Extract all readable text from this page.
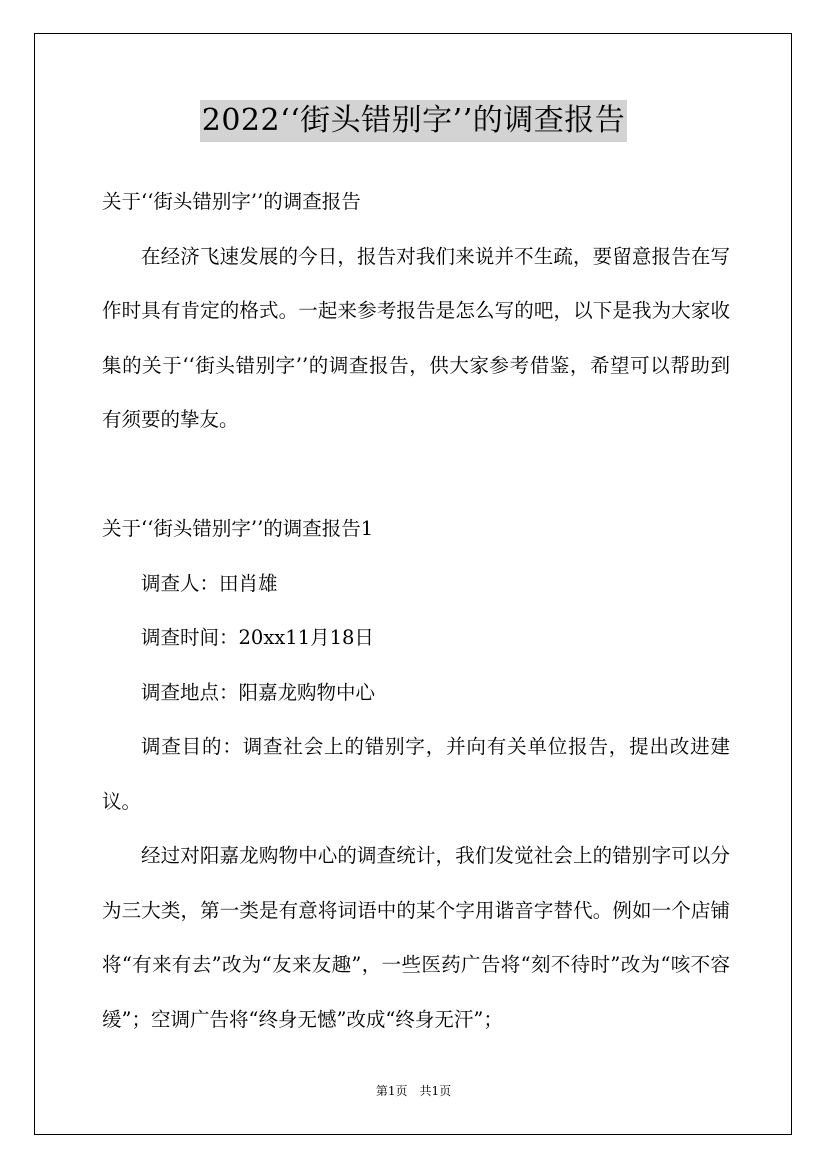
2022‘‘街头错别字’’的调查报告

关于‘‘街头错别字’’的调查报告

在经济飞速发展的今日，报告对我们来说并不生疏，要留意报告在写作时具有肯定的格式。一起来参考报告是怎么写的吧，以下是我为大家收集的关于‘‘街头错别字’’的调查报告，供大家参考借鉴，希望可以帮助到有须要的挚友。

关于‘‘街头错别字’’的调查报告1

调查人：田肖雄

调查时间：20xx11月18日

调查地点：阳嘉龙购物中心

调查目的：调查社会上的错别字，并向有关单位报告，提出改进建议。

经过对阳嘉龙购物中心的调查统计，我们发觉社会上的错别字可以分为三大类，第一类是有意将词语中的某个字用谐音字替代。例如一个店铺将“有来有去”改为“友来友趣”，一些医药广告将“刻不待时”改为“咳不容缓”；空调广告将“终身无憾”改成“终身无汗”；

第1页 共1页
